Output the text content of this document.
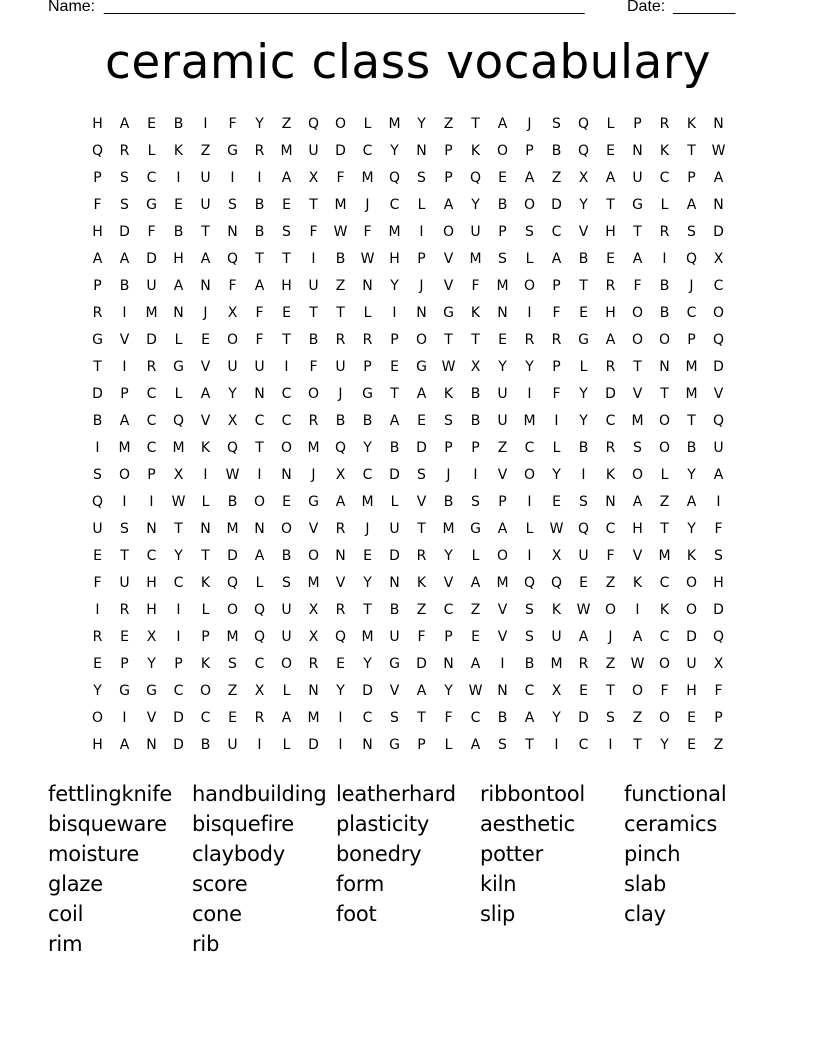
Name: ______________________________________________________	Date: _______
ceramic class vocabulary
H	A	E	B	I	F	Y	Z	Q	O	L	M	Y	Z	T	A	J	S	Q	L	P	R	K	N
Q	R	L	K	Z	G	R	M	U	D	C	Y	N	P	K	O	P	B	Q	E	N	K	T	W
P	S	C	I	U	I	I	A	X	F	M	Q	S	P	Q	E	A	Z	X	A	U	C	P	A
F	S	G	E	U	S	B	E	T	M	J	C	L	A	Y	B	O	D	Y	T	G	L	A	N
H	D	F	B	T	N	B	S	F	W	F	M	I	O	U	P	S	C	V	H	T	R	S	D
A	A	D	H	A	Q	T	T	I	B	W	H	P	V	M	S	L	A	B	E	A	I	Q	X
P	B	U	A	N	F	A	H	U	Z	N	Y	J	V	F	M	O	P	T	R	F	B	J	C
R	I	M	N	J	X	F	E	T	T	L	I	N	G	K	N	I	F	E	H	O	B	C	O
G	V	D	L	E	O	F	T	B	R	R	P	O	T	T	E	R	R	G	A	O	O	P	Q
T	I	R	G	V	U	U	I	F	U	P	E	G	W	X	Y	Y	P	L	R	T	N	M	D
D	P	C	L	A	Y	N	C	O	J	G	T	A	K	B	U	I	F	Y	D	V	T	M	V
B	A	C	Q	V	X	C	C	R	B	B	A	E	S	B	U	M	I	Y	C	M	O	T	Q
I	M	C	M	K	Q	T	O	M	Q	Y	B	D	P	P	Z	C	L	B	R	S	O	B	U
S	O	P	X	I	W	I	N	J	X	C	D	S	J	I	V	O	Y	I	K	O	L	Y	A
Q	I	I	W	L	B	O	E	G	A	M	L	V	B	S	P	I	E	S	N	A	Z	A	I
U	S	N	T	N	M	N	O	V	R	J	U	T	M	G	A	L	W	Q	C	H	T	Y	F
E	T	C	Y	T	D	A	B	O	N	E	D	R	Y	L	O	I	X	U	F	V	M	K	S
F	U	H	C	K	Q	L	S	M	V	Y	N	K	V	A	M	Q	Q	E	Z	K	C	O	H
I	R	H	I	L	O	Q	U	X	R	T	B	Z	C	Z	V	S	K	W	O	I	K	O	D
R	E	X	I	P	M	Q	U	X	Q	M	U	F	P	E	V	S	U	A	J	A	C	D	Q
E	P	Y	P	K	S	C	O	R	E	Y	G	D	N	A	I	B	M	R	Z	W	O	U	X
Y	G	G	C	O	Z	X	L	N	Y	D	V	A	Y	W	N	C	X	E	T	O	F	H	F
O	I	V	D	C	E	R	A	M	I	C	S	T	F	C	B	A	Y	D	S	Z	O	E	P
H	A	N	D	B	U	I	L	D	I	N	G	P	L	A	S	T	I	C	I	T	Y	E	Z
fettlingknife handbuilding leatherhard	ribbontool	functional
bisqueware	bisquefire	plasticity	aesthetic	ceramics
moisture	claybody	bonedry	potter	pinch
glaze	score	form	kiln	slab
coil	cone	foot	slip	clay
rim	rib
